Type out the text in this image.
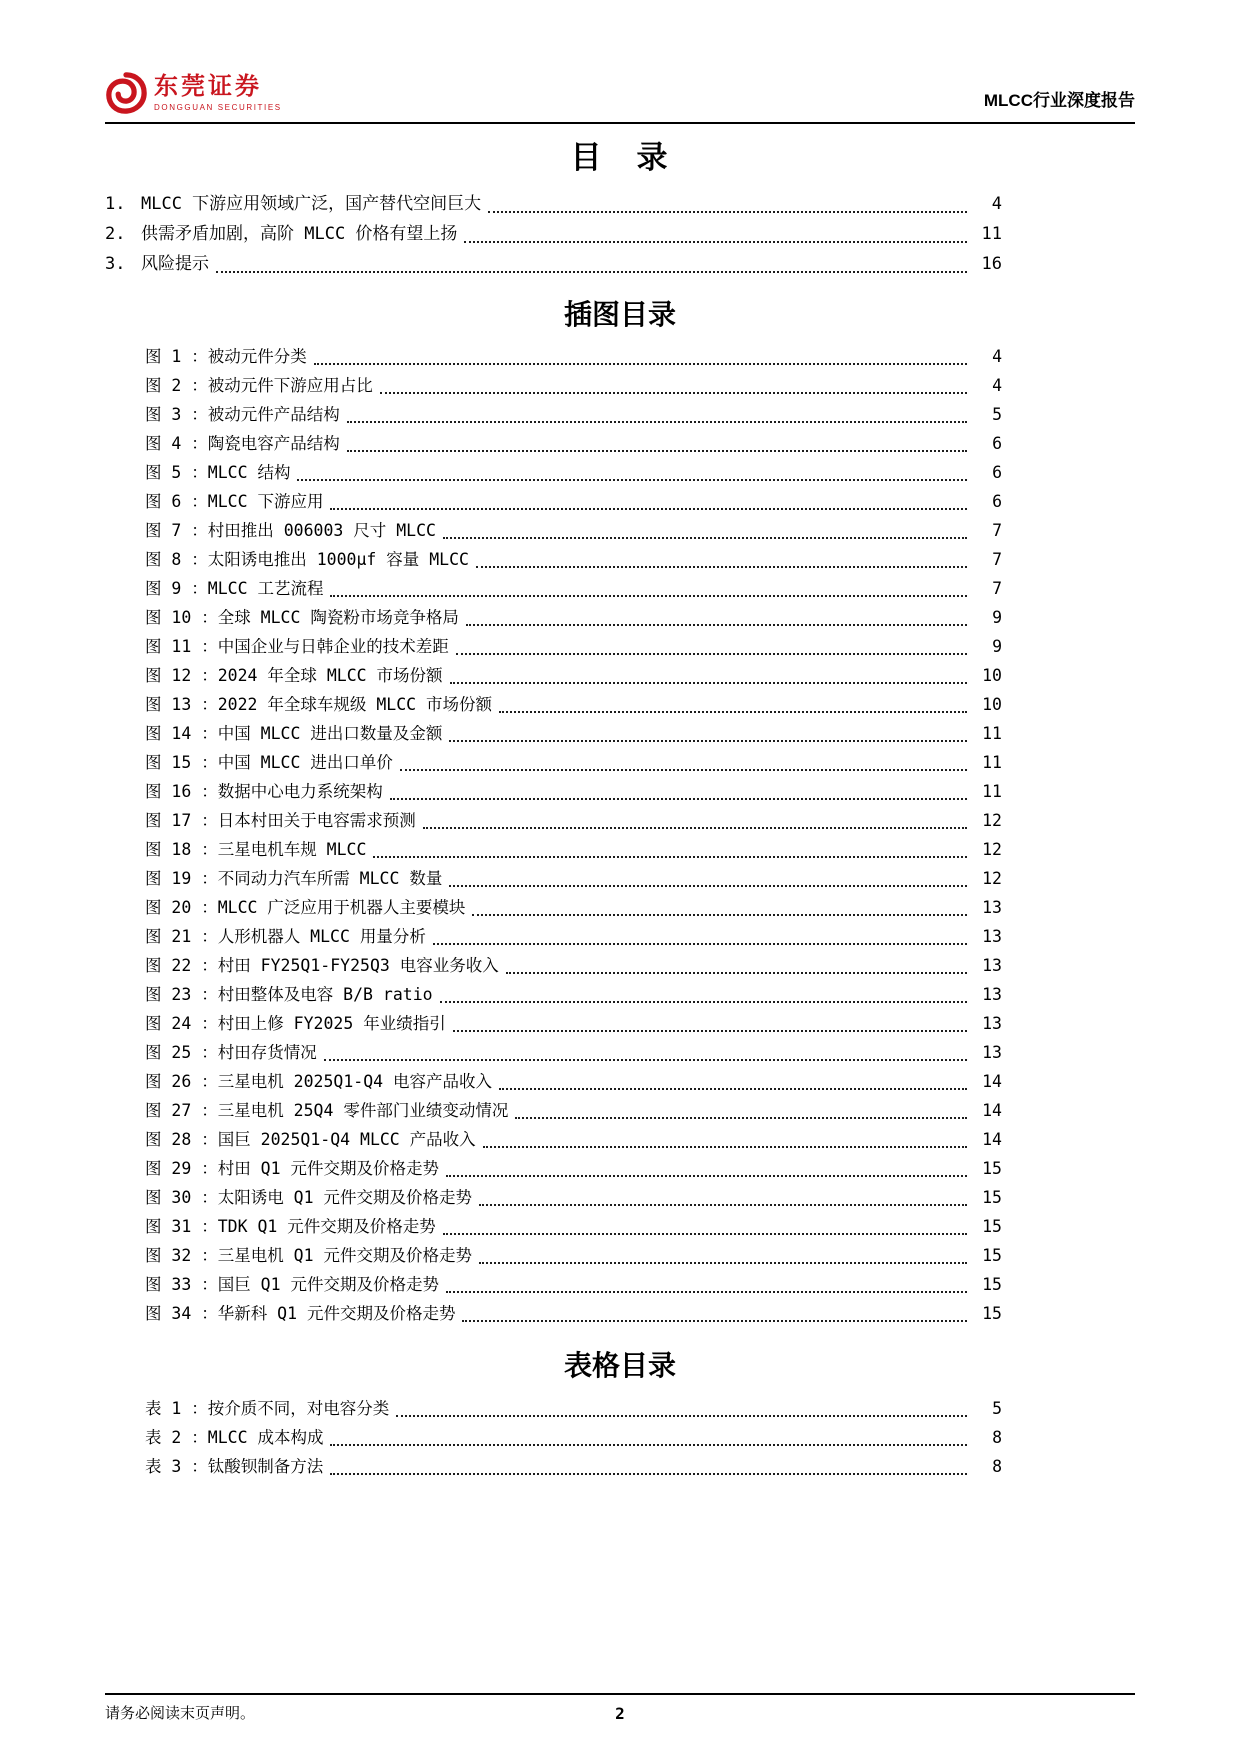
东莞证券
DONGGUAN SECURITIES	MLCC行业深度报告
目　录
1. MLCC 下游应用领域广泛，国产替代空间巨大	4
2. 供需矛盾加剧，高阶 MLCC 价格有望上扬	11
3. 风险提示	16
插图目录
图 1 ：被动元件分类	4
图 2 ：被动元件下游应用占比	4
图 3 ：被动元件产品结构	5
图 4 ：陶瓷电容产品结构	6
图 5 ：MLCC 结构	6
图 6 ：MLCC 下游应用	6
图 7 ：村田推出 006003 尺寸 MLCC	7
图 8 ：太阳诱电推出 1000μf 容量 MLCC	7
图 9 ：MLCC 工艺流程	7
图 10 ：全球 MLCC 陶瓷粉市场竞争格局	9
图 11 ：中国企业与日韩企业的技术差距	9
图 12 ：2024 年全球 MLCC 市场份额	10
图 13 ：2022 年全球车规级 MLCC 市场份额	10
图 14 ：中国 MLCC 进出口数量及金额	11
图 15 ：中国 MLCC 进出口单价	11
图 16 ：数据中心电力系统架构	11
图 17 ：日本村田关于电容需求预测	12
图 18 ：三星电机车规 MLCC	12
图 19 ：不同动力汽车所需 MLCC 数量	12
图 20 ：MLCC 广泛应用于机器人主要模块	13
图 21 ：人形机器人 MLCC 用量分析	13
图 22 ：村田 FY25Q1-FY25Q3 电容业务收入	13
图 23 ：村田整体及电容 B/B ratio	13
图 24 ：村田上修 FY2025 年业绩指引	13
图 25 ：村田存货情况	13
图 26 ：三星电机 2025Q1-Q4 电容产品收入	14
图 27 ：三星电机 25Q4 零件部门业绩变动情况	14
图 28 ：国巨 2025Q1-Q4 MLCC 产品收入	14
图 29 ：村田 Q1 元件交期及价格走势	15
图 30 ：太阳诱电 Q1 元件交期及价格走势	15
图 31 ：TDK Q1 元件交期及价格走势	15
图 32 ：三星电机 Q1 元件交期及价格走势	15
图 33 ：国巨 Q1 元件交期及价格走势	15
图 34 ：华新科 Q1 元件交期及价格走势	15
表格目录
表 1 ：按介质不同，对电容分类	5
表 2 ：MLCC 成本构成	8
表 3 ：钛酸钡制备方法	8
请务必阅读末页声明。	2
